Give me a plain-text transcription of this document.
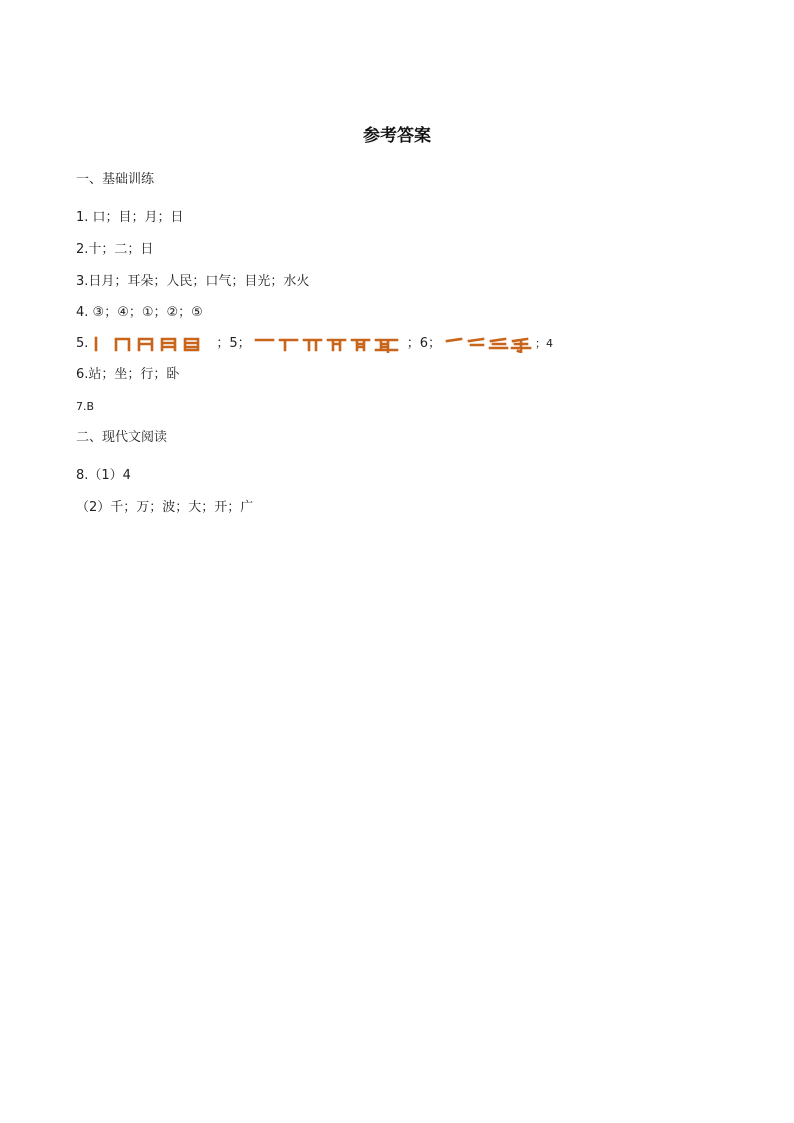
参考答案
一、基础训练
1. 口；目；月；日
2.十；二；日
3.日月；耳朵；人民；口气；目光；水火
4. ③；④；①；②；⑤
5.	；5；	；6；	；4
6.站；坐；行；卧
7.B
二、现代文阅读
8.（1）4
（2）千；万；波；大；开；广
